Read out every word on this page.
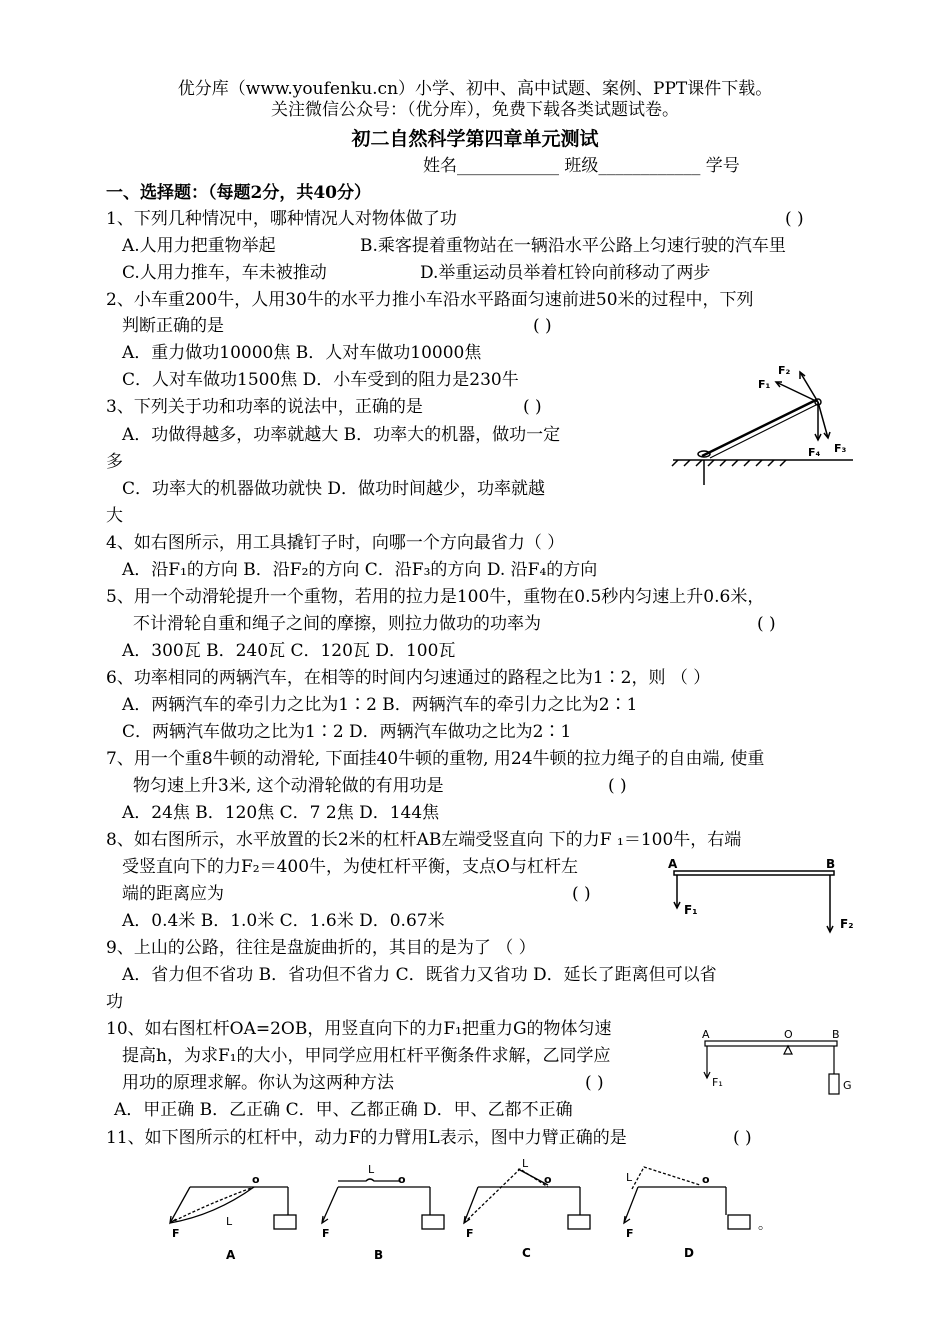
优分库（www.youfenku.cn）小学、初中、高中试题、案例、PPT课件下载。
关注微信公众号：（优分库），免费下载各类试题试卷。
初二自然科学第四章单元测试
姓名____________ 班级____________ 学号
一、选择题：（每题2分，共40分）
1、下列几种情况中，哪种情况人对物体做了功	( )
A.人用力把重物举起	B.乘客提着重物站在一辆沿水平公路上匀速行驶的汽车里
C.人用力推车，车未被推动	D.举重运动员举着杠铃向前移动了两步
2、小车重200牛，人用30牛的水平力推小车沿水平路面匀速前进50米的过程中，下列
判断正确的是	( )
A．重力做功10000焦 B．人对车做功10000焦
C．人对车做功1500焦 D．小车受到的阻力是230牛
3、下列关于功和功率的说法中，正确的是	( )
A．功做得越多，功率就越大 B．功率大的机器，做功一定
多
C．功率大的机器做功就快 D．做功时间越少，功率就越
大
F₂
F₁
F₃
F₄
4、如右图所示，用工具撬钉子时，向哪一个方向最省力（ ）
A．沿F₁的方向 B．沿F₂的方向 C．沿F₃的方向 D. 沿F₄的方向
5、用一个动滑轮提升一个重物，若用的拉力是100牛，重物在0.5秒内匀速上升0.6米，
不计滑轮自重和绳子之间的摩擦，则拉力做功的功率为	( )
A．300瓦 B．240瓦 C．120瓦 D．100瓦
6、功率相同的两辆汽车，在相等的时间内匀速通过的路程之比为1∶2，则 （ ）
A．两辆汽车的牵引力之比为1∶2 B．两辆汽车的牵引力之比为2∶1
C．两辆汽车做功之比为1∶2 D．两辆汽车做功之比为2∶1
7、用一个重8牛顿的动滑轮, 下面挂40牛顿的重物, 用24牛顿的拉力绳子的自由端, 使重
物匀速上升3米, 这个动滑轮做的有用功是	( )
A．24焦 B．120焦 C．7 2焦 D．144焦
8、如右图所示，水平放置的长2米的杠杆AB左端受竖直向 下的力F ₁＝100牛，右端
受竖直向下的力F₂＝400牛，为使杠杆平衡，支点O与杠杆左
端的距离应为	( )
A．0.4米 B．1.0米 C．1.6米 D．0.67米
A	B
F₁
F₂
9、上山的公路，往往是盘旋曲折的，其目的是为了 （ ）
A．省力但不省功 B．省功但不省力 C．既省力又省功 D．延长了距离但可以省
功
10、如右图杠杆OA=2OB，用竖直向下的力F₁把重力G的物体匀速
提高h，为求F₁的大小，甲同学应用杠杆平衡条件求解，乙同学应
用功的原理求解。你认为这两种方法	( )
A．甲正确 B．乙正确 C．甲、乙都正确 D．甲、乙都不正确
A	O	B
F₁	G
11、如下图所示的杠杆中，动力F的力臂用L表示，图中力臂正确的是	( )
o
L
F
L
o
F
L
o
F
L	o
F
。
A	B	C	D
